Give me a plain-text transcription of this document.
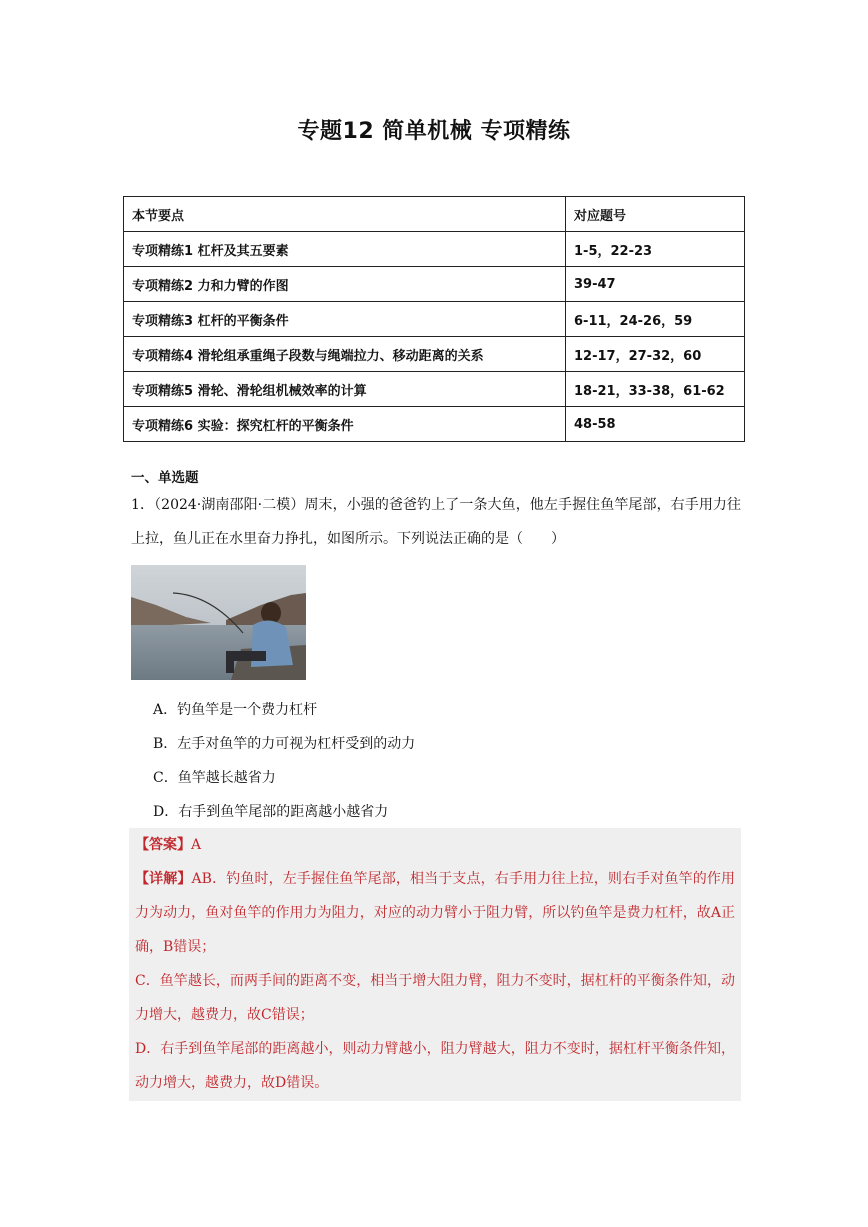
专题12 简单机械 专项精练
本节要点	对应题号
专项精练1 杠杆及其五要素	1-5，22-23
专项精练2 力和力臂的作图	39-47
专项精练3 杠杆的平衡条件	6-11，24-26，59
专项精练4 滑轮组承重绳子段数与绳端拉力、移动距离的关系	12-17，27-32，60
专项精练5 滑轮、滑轮组机械效率的计算	18-21，33-38，61-62
专项精练6 实验：探究杠杆的平衡条件	48-58
一、单选题
1．（2024·湖南邵阳·二模）周末，小强的爸爸钓上了一条大鱼，他左手握住鱼竿尾部，右手用力往上拉，鱼儿正在水里奋力挣扎，如图所示。下列说法正确的是（　　）
A．钓鱼竿是一个费力杠杆
B．左手对鱼竿的力可视为杠杆受到的动力
C．鱼竿越长越省力
D．右手到鱼竿尾部的距离越小越省力

【答案】A

【详解】AB．钓鱼时，左手握住鱼竿尾部，相当于支点，右手用力往上拉，则右手对鱼竿的作用力为动力，鱼对鱼竿的作用力为阻力，对应的动力臂小于阻力臂，所以钓鱼竿是费力杠杆，故A正确，B错误；

C．鱼竿越长，而两手间的距离不变，相当于增大阻力臂，阻力不变时，据杠杆的平衡条件知，动力增大，越费力，故C错误；

D．右手到鱼竿尾部的距离越小，则动力臂越小，阻力臂越大，阻力不变时，据杠杆平衡条件知，动力增大，越费力，故D错误。
